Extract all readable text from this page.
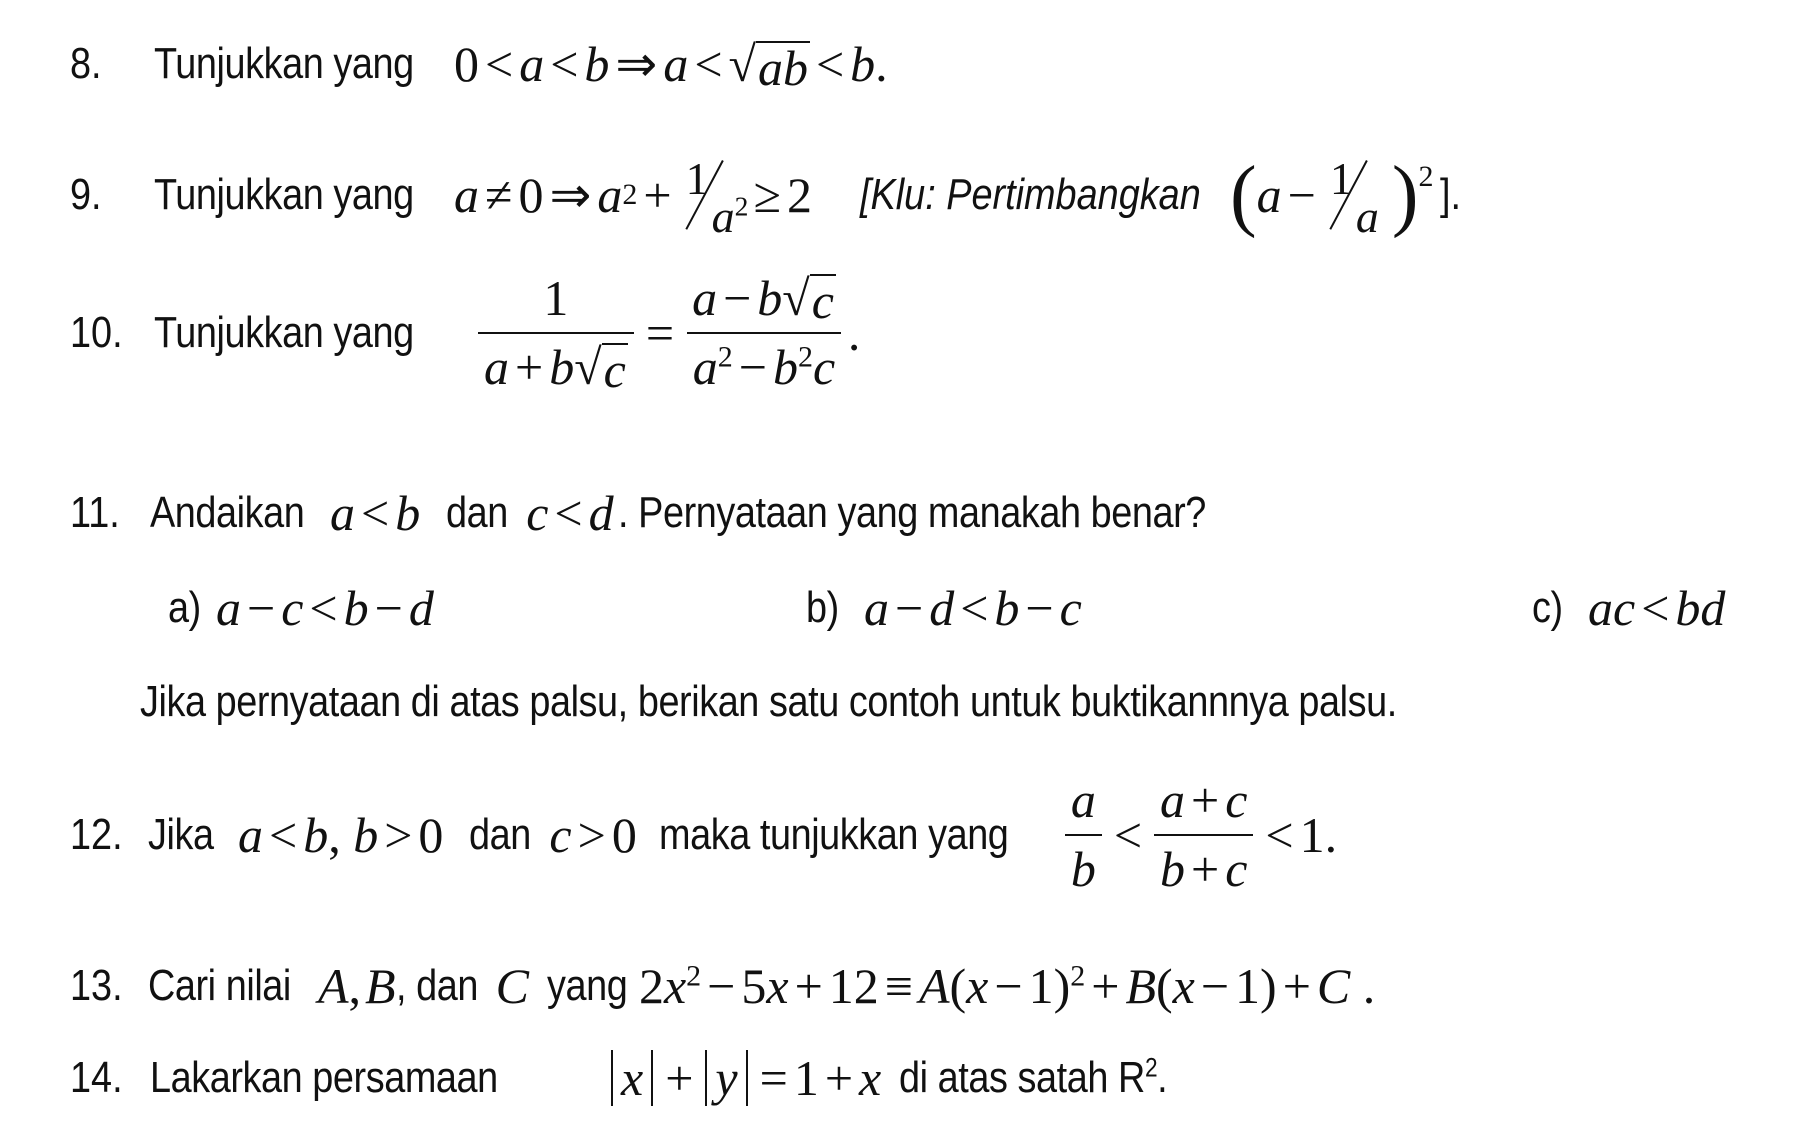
8.	Tunjukkan yang 0 < a < b ⇒ a < √ ab < b.
9.	Tunjukkan yang a ≠ 0 ⇒ a 2 + 1
$a^2 \ge 2$ [Klu: Pertimbangkan ( a − 1
a )$^2$ ].
10. Tunjukkan yang $\frac{1}{a + b √ c} = \frac{a - b √ c}{a^2 - b^2c}$ .
11. Andaikan a < b dan c < d . Pernyataan yang manakah benar?
a) a − c < b − d	b) a − d < b − c	c) ac < bd
Jika pernyataan di atas palsu, berikan satu contoh untuk buktikannnya palsu.
12. Jika a < b, b > 0 dan c > 0 maka tunjukkan yang $\frac{a}{b} < \frac{a + c}{b + c} < 1$.
13. Cari nilai A , B , dan C yang $2x^2 - 5x + 12 \equiv A(x - 1)^2 + B(x - 1) + C$ .
14. Lakarkan persamaan	x + y = 1 + x di atas satah $R^2$.
